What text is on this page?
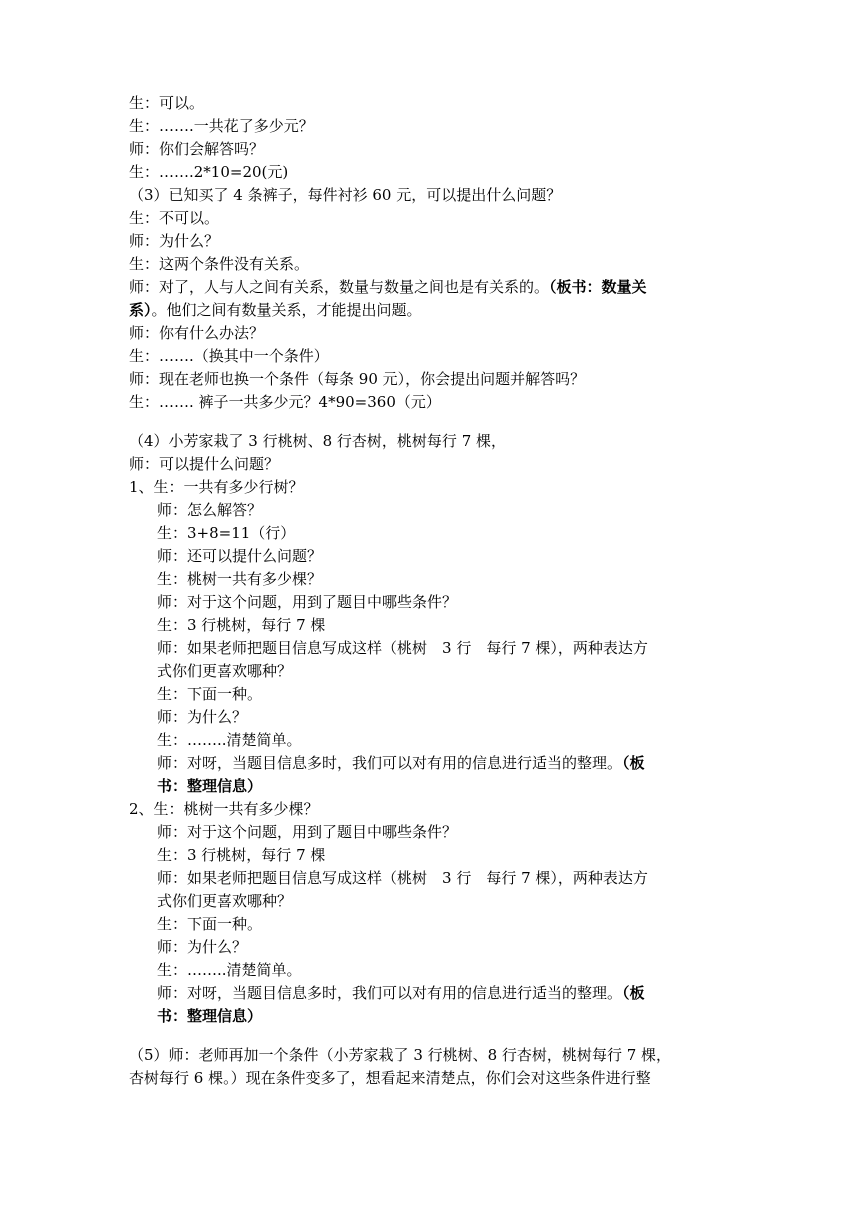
生：可以。

生：…….一共花了多少元？

师：你们会解答吗？

生：…….2*10=20(元)

（3）已知买了 4 条裤子，每件衬衫 60 元，可以提出什么问题？

生：不可以。

师：为什么？

生：这两个条件没有关系。

师：对了，人与人之间有关系，数量与数量之间也是有关系的。（板书：数量关

系）。他们之间有数量关系，才能提出问题。

师：你有什么办法？

生：…….（换其中一个条件）

师：现在老师也换一个条件（每条 90 元），你会提出问题并解答吗？

生：……. 裤子一共多少元？4*90=360（元）

（4）小芳家栽了 3 行桃树、8 行杏树，桃树每行 7 棵，

师：可以提什么问题？

1、生：一共有多少行树？

师：怎么解答？

生：3+8=11（行）

师：还可以提什么问题？

生：桃树一共有多少棵？

师：对于这个问题，用到了题目中哪些条件？

生：3 行桃树，每行 7 棵

师：如果老师把题目信息写成这样（桃树　3 行　每行 7 棵），两种表达方

式你们更喜欢哪种？

生：下面一种。

师：为什么？

生：……..清楚简单。

师：对呀，当题目信息多时，我们可以对有用的信息进行适当的整理。（板

书：整理信息）

2、生：桃树一共有多少棵？

师：对于这个问题，用到了题目中哪些条件？

生：3 行桃树，每行 7 棵

师：如果老师把题目信息写成这样（桃树　3 行　每行 7 棵），两种表达方

式你们更喜欢哪种？

生：下面一种。

师：为什么？

生：……..清楚简单。

师：对呀，当题目信息多时，我们可以对有用的信息进行适当的整理。（板

书：整理信息）

（5）师：老师再加一个条件（小芳家栽了 3 行桃树、8 行杏树，桃树每行 7 棵，

杏树每行 6 棵。）现在条件变多了，想看起来清楚点，你们会对这些条件进行整
